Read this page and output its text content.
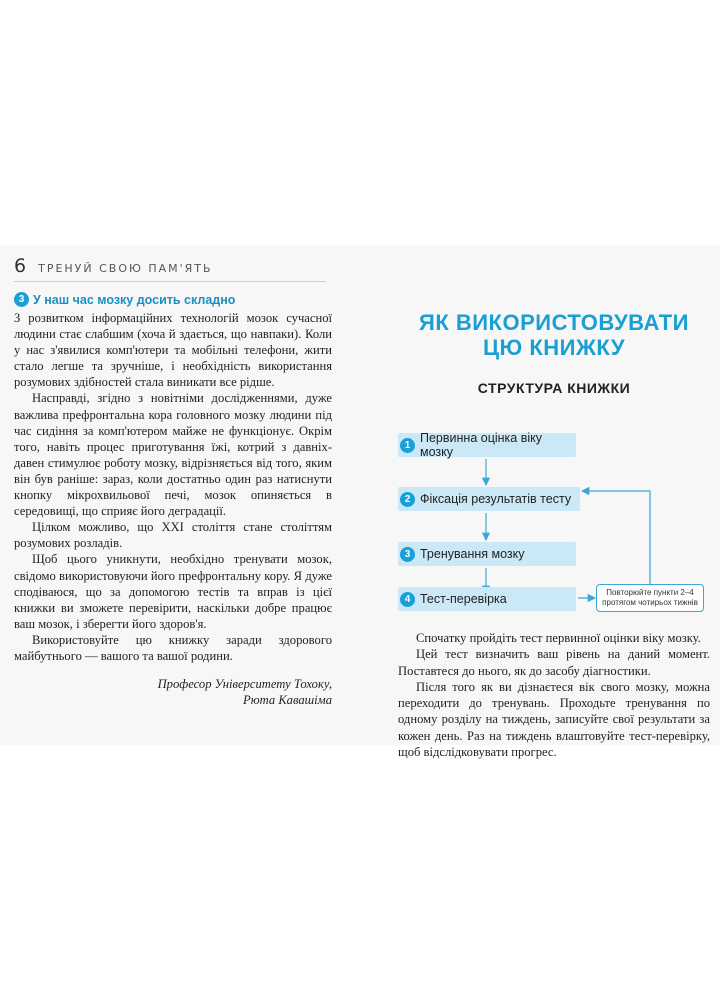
6 ТРЕНУЙ СВОЮ ПАМ'ЯТЬ
3 У наш час мозку досить складно

З розвитком інформаційних технологій мозок сучасної людини стає слабшим (хоча й здається, що навпаки). Коли у нас з'явилися комп'ютери та мобільні телефони, жити стало легше та зручніше, і необхідність використання розумових здібностей стала виникати все рідше.

Насправді, згідно з новітніми дослідженнями, дуже важлива префронтальна кора головного мозку людини під час сидіння за комп'ютером майже не функціонує. Окрім того, навіть процес приготування їжі, котрий з давніх-давен стимулює роботу мозку, відрізняється від того, яким він був раніше: зараз, коли достатньо один раз натиснути кнопку мікрохвильової печі, мозок опиняється в середовищі, що сприяє його деградації.

Цілком можливо, що XXI століття стане століттям розумових розладів.

Щоб цього уникнути, необхідно тренувати мозок, свідомо використовуючи його префронтальну кору. Я дуже сподіваюся, що за допомогою тестів та вправ із цієї книжки ви зможете перевірити, наскільки добре працює ваш мозок, і зберегти його здоров'я.

Використовуйте цю книжку заради здорового майбутнього — вашого та вашої родини.

Професор Університету Тохоку,
Рюта Кавашіма
ЯК ВИКОРИСТОВУВАТИ
ЦЮ КНИЖКУ
СТРУКТУРА КНИЖКИ
1 Первинна оцінка віку мозку
2 Фіксація результатів тесту
3 Тренування мозку
4 Тест-перевірка	Повторюйте пункти 2–4
протягом чотирьох тижнів

Спочатку пройдіть тест первинної оцінки віку мозку.

Цей тест визначить ваш рівень на даний момент. Поставтеся до нього, як до засобу діагностики.

Після того як ви дізнаєтеся вік свого мозку, можна переходити до тренувань. Проходьте тренування по одному розділу на тиждень, записуйте свої результати за кожен день. Раз на тиждень влаштовуйте тест-перевірку, щоб відслідковувати прогрес.
